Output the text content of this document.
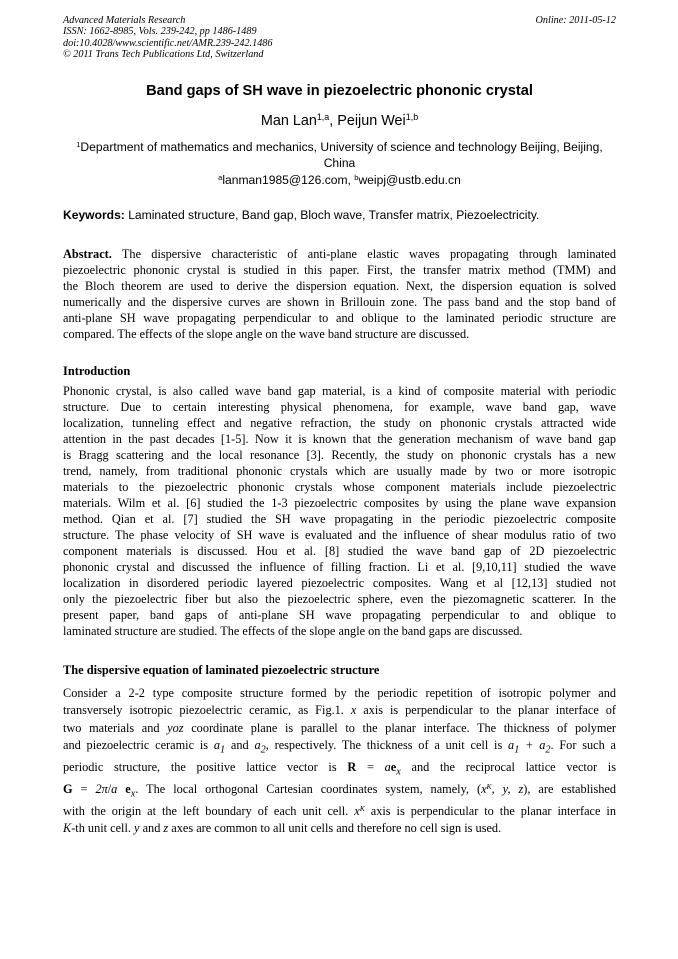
Advanced Materials Research
ISSN: 1662-8985, Vols. 239-242, pp 1486-1489
doi:10.4028/www.scientific.net/AMR.239-242.1486
© 2011 Trans Tech Publications Ltd, Switzerland
Online: 2011-05-12
Band gaps of SH wave in piezoelectric phononic crystal
Man Lan$^{1,a}$, Peijun Wei$^{1,b}$
$^1$Department of mathematics and mechanics, University of science and technology Beijing, Beijing,
China
$^a$lanman1985@126.com, $^b$weipj@ustb.edu.cn
Keywords: Laminated structure, Band gap, Bloch wave, Transfer matrix, Piezoelectricity.
Abstract. The dispersive characteristic of anti-plane elastic waves propagating through laminated
piezoelectric phononic crystal is studied in this paper. First, the transfer matrix method (TMM) and
the Bloch theorem are used to derive the dispersion equation. Next, the dispersion equation is solved
numerically and the dispersive curves are shown in Brillouin zone. The pass band and the stop band of
anti-plane SH wave propagating perpendicular to and oblique to the laminated periodic structure are
compared. The effects of the slope angle on the wave band structure are discussed.
Introduction
Phononic crystal, is also called wave band gap material, is a kind of composite material with periodic
structure. Due to certain interesting physical phenomena, for example, wave band gap, wave
localization, tunneling effect and negative refraction, the study on phononic crystals attracted wide
attention in the past decades [1-5]. Now it is known that the generation mechanism of wave band gap
is Bragg scattering and the local resonance [3]. Recently, the study on phononic crystals has a new
trend, namely, from traditional phononic crystals which are usually made by two or more isotropic
materials to the piezoelectric phononic crystals whose component materials include piezoelectric
materials. Wilm et al. [6] studied the 1-3 piezoelectric composites by using the plane wave expansion
method. Qian et al. [7] studied the SH wave propagating in the periodic piezoelectric composite
structure. The phase velocity of SH wave is evaluated and the influence of shear modulus ratio of two
component materials is discussed. Hou et al. [8] studied the wave band gap of 2D piezoelectric
phononic crystal and discussed the influence of filling fraction. Li et al. [9,10,11] studied the wave
localization in disordered periodic layered piezoelectric composites. Wang et al [12,13] studied not
only the piezoelectric fiber but also the piezoelectric sphere, even the piezomagnetic scatterer. In the
present paper, band gaps of anti-plane SH wave propagating perpendicular to and oblique to
laminated structure are studied. The effects of the slope angle on the band gaps are discussed.
The dispersive equation of laminated piezoelectric structure
Consider a 2-2 type composite structure formed by the periodic repetition of isotropic polymer and
transversely isotropic piezoelectric ceramic, as Fig.1. x axis is perpendicular to the planar interface of
two materials and yoz coordinate plane is parallel to the planar interface. The thickness of polymer
and piezoelectric ceramic is $a_1$ and $a_2$, respectively. The thickness of a unit cell is $a_1 + a_2$. For such a
periodic structure, the positive lattice vector is $R = ae_x$ and the reciprocal lattice vector is
G = 2π/a $e_x$. The local orthogonal Cartesian coordinates system, namely, ($x^K$, y, z), are established
with the origin at the left boundary of each unit cell. $x^K$ axis is perpendicular to the planar interface in
K-th unit cell. y and z axes are common to all unit cells and therefore no cell sign is used.
